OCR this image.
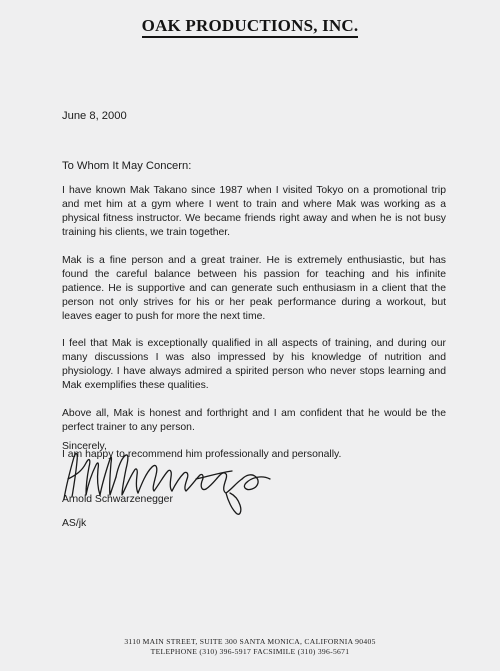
OAK PRODUCTIONS, INC.
June 8, 2000
To Whom It May Concern:

I have known Mak Takano since 1987 when I visited Tokyo on a promotional trip and met him at a gym where I went to train and where Mak was working as a physical fitness instructor. We became friends right away and when he is not busy training his clients, we train together.

Mak is a fine person and a great trainer. He is extremely enthusiastic, but has found the careful balance between his passion for teaching and his infinite patience. He is supportive and can generate such enthusiasm in a client that the person not only strives for his or her peak performance during a workout, but leaves eager to push for more the next time.

I feel that Mak is exceptionally qualified in all aspects of training, and during our many discussions I was also impressed by his knowledge of nutrition and physiology. I have always admired a spirited person who never stops learning and Mak exemplifies these qualities.

Above all, Mak is honest and forthright and I am confident that he would be the perfect trainer to any person.

I am happy to recommend him professionally and personally.

Sincerely,
Arnold Schwarzenegger
AS/jk
3110 MAIN STREET, SUITE 300 SANTA MONICA, CALIFORNIA 90405
TELEPHONE (310) 396-5917 FACSIMILE (310) 396-5671
